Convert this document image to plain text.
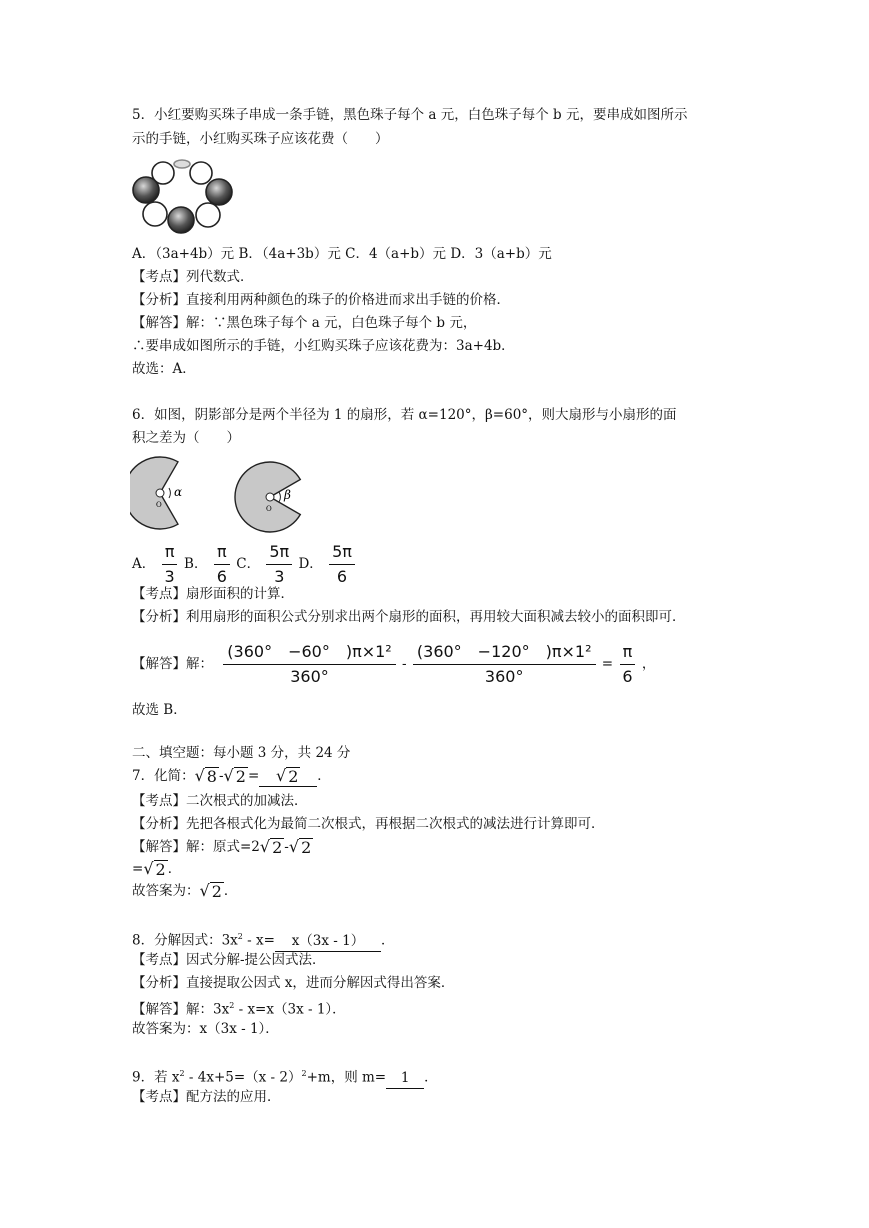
5．小红要购买珠子串成一条手链，黑色珠子每个 a 元，白色珠子每个 b 元，要串成如图所示
示的手链，小红购买珠子应该花费（　　）
A．（3a+4b）元 B．（4a+3b）元 C．4（a+b）元 D．3（a+b）元
【考点】列代数式．
【分析】直接利用两种颜色的珠子的价格进而求出手链的价格．
【解答】解：∵黑色珠子每个 a 元，白色珠子每个 b 元，
∴要串成如图所示的手链，小红购买珠子应该花费为：3a+4b．
故选：A．
6．如图，阴影部分是两个半径为 1 的扇形，若 α=120°，β=60°，则大扇形与小扇形的面
积之差为（　　）
α
O
β
O
A． $\frac{\pi}{3}$ B． $\frac{\pi}{6}$ C． $\frac{5\pi}{3}$ D． $\frac{5\pi}{6}$
【考点】扇形面积的计算．
【分析】利用扇形的面积公式分别求出两个扇形的面积，再用较大面积减去较小的面积即可．
【解答】解： $\frac{\text{(360°　−60°　)π×1²}}{360^\circ} - \frac{\text{(360°　−120°　)π×1²}}{360^\circ} = \frac{\pi}{6}$ ，
故选 B．
二、填空题：每小题 3 分，共 24 分
7．化简： √ 8 - √ 2 = √ 2 ．
【考点】二次根式的加减法．
【分析】先把各根式化为最简二次根式，再根据二次根式的减法进行计算即可．
【解答】解：原式=2 √ 2 - √ 2
= √ 2 ．
故答案为： √ 2 ．
8．分解因式：$3x^2 - x= x(3x - 1)$ ．
【考点】因式分解-提公因式法．
【分析】直接提取公因式 x，进而分解因式得出答案．
【解答】解：$3x^2 - x=x(3x - 1)$．
故答案为：x（3x - 1）．
9．若 $x^2 - 4x+5=(x - 2)^2+m$，则 m= 1 ．
【考点】配方法的应用．
